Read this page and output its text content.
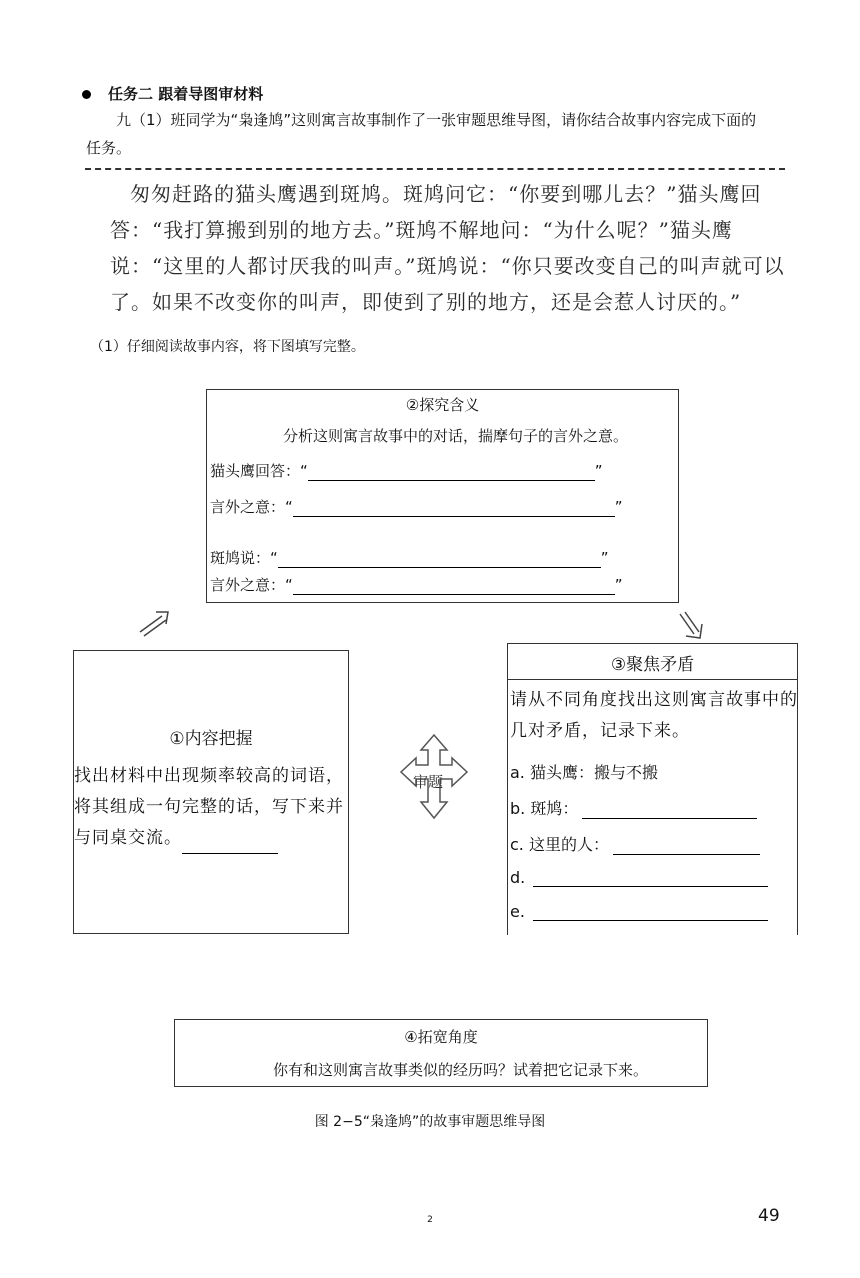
任务二 跟着导图审材料
九（1）班同学为“枭逢鸠”这则寓言故事制作了一张审题思维导图，请你结合故事内容完成下面的任务。

匆匆赶路的猫头鹰遇到斑鸠。斑鸠问它：“你要到哪儿去？”猫头鹰回答：“我打算搬到别的地方去。”斑鸠不解地问：“为什么呢？”猫头鹰说：“这里的人都讨厌我的叫声。”斑鸠说：“你只要改变自己的叫声就可以了。如果不改变你的叫声，即使到了别的地方，还是会惹人讨厌的。”

（1）仔细阅读故事内容，将下图填写完整。
②探究含义
分析这则寓言故事中的对话，揣摩句子的言外之意。
猫头鹰回答：“	”
言外之意：“	”
斑鸠说：“	”
言外之意：“	”
①内容把握
找出材料中出现频率较高的词语，将其组成一句完整的话，写下来并与同桌交流。
审题
③聚焦矛盾
请从不同角度找出这则寓言故事中的几对矛盾，记录下来。
a. 猫头鹰：搬与不搬
b. 斑鸠：
c. 这里的人：
d.
e.
④拓宽角度
你有和这则寓言故事类似的经历吗？试着把它记录下来。
图 2−5“枭逢鸠”的故事审题思维导图
2	49
